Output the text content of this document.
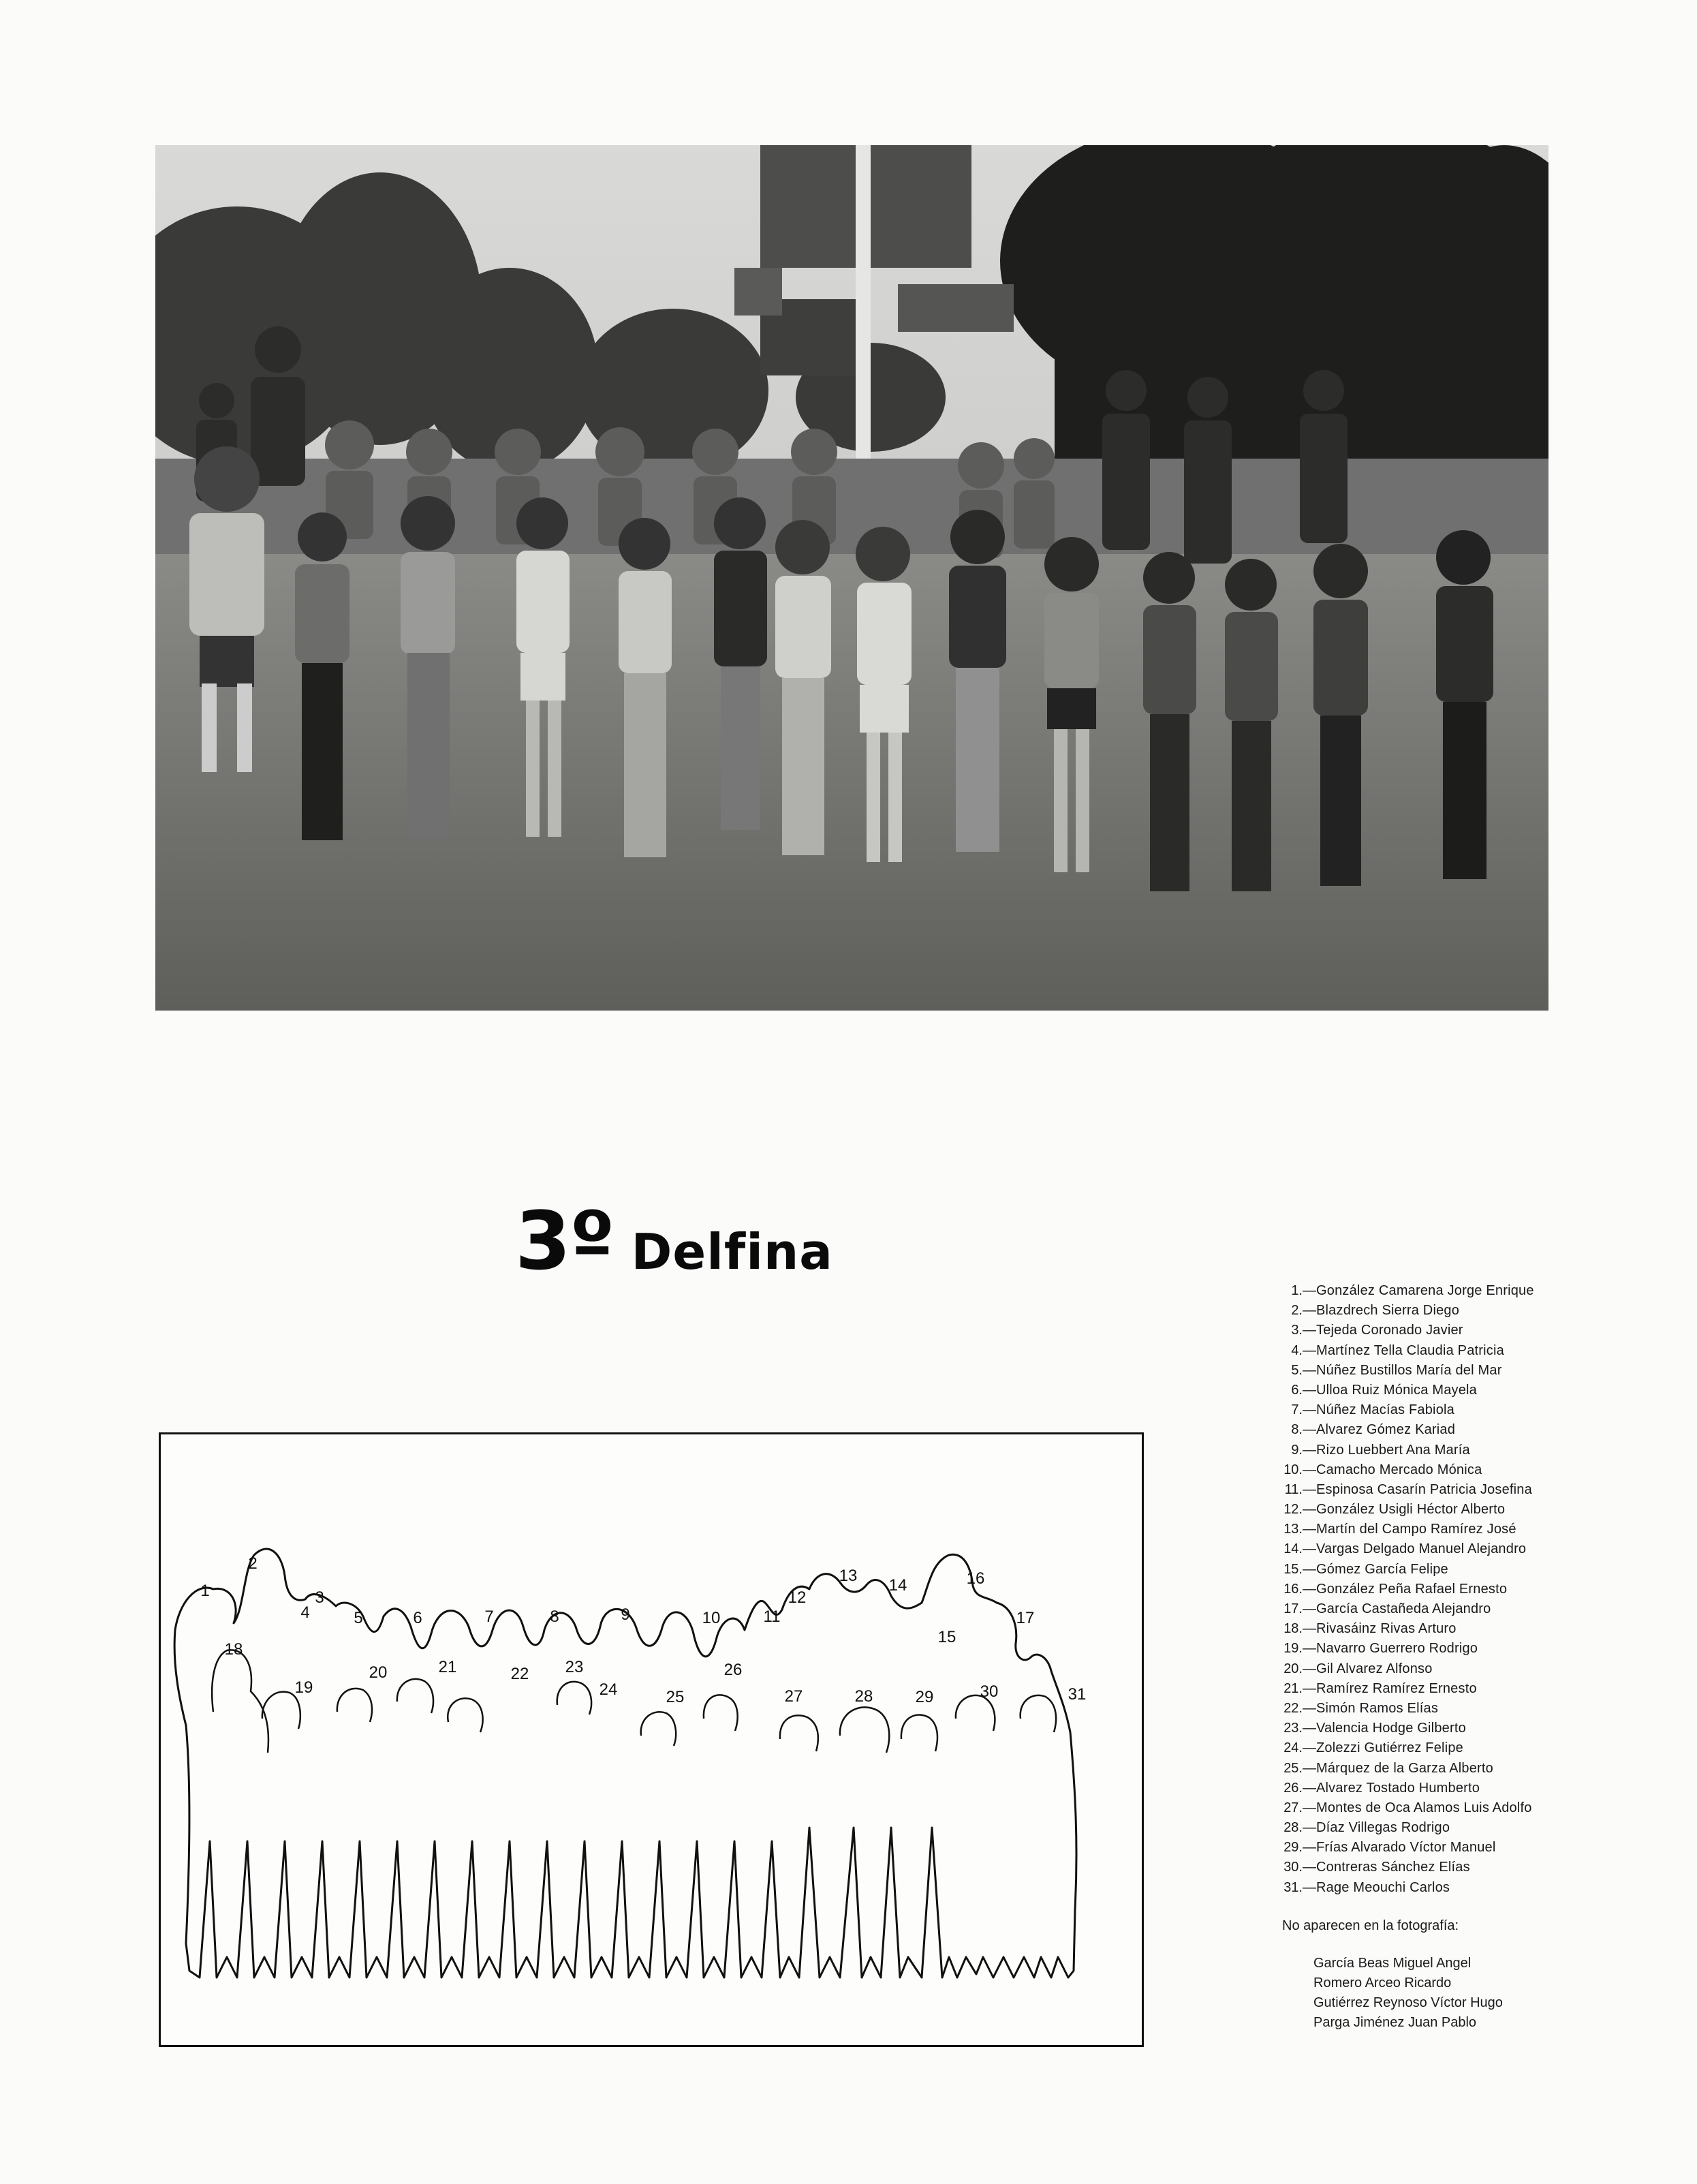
3º Delfina
1
2
3
4	5	6	7	8	9	10	11
12
13
14
15
16
17
18
19
20	21	22 23
24	25
26
27	28	29	30	31
1. — González Camarena Jorge Enrique
2. — Blazdrech Sierra Diego
3. — Tejeda Coronado Javier
4. — Martínez Tella Claudia Patricia
5. — Núñez Bustillos María del Mar
6. — Ulloa Ruiz Mónica Mayela
7. — Núñez Macías Fabiola
8. — Alvarez Gómez Kariad
9. — Rizo Luebbert Ana María
10. — Camacho Mercado Mónica
11. — Espinosa Casarín Patricia Josefina
12. — González Usigli Héctor Alberto
13. — Martín del Campo Ramírez José
14. — Vargas Delgado Manuel Alejandro
15. — Gómez García Felipe
16. — González Peña Rafael Ernesto
17. — García Castañeda Alejandro
18. — Rivasáinz Rivas Arturo
19. — Navarro Guerrero Rodrigo
20. — Gil Alvarez Alfonso
21. — Ramírez Ramírez Ernesto
22. — Simón Ramos Elías
23. — Valencia Hodge Gilberto
24. — Zolezzi Gutiérrez Felipe
25. — Márquez de la Garza Alberto
26. — Alvarez Tostado Humberto
27. — Montes de Oca Alamos Luis Adolfo
28. — Díaz Villegas Rodrigo
29. — Frías Alvarado Víctor Manuel
30. — Contreras Sánchez Elías
31. — Rage Meouchi Carlos
No aparecen en la fotografía:
García Beas Miguel Angel
Romero Arceo Ricardo
Gutiérrez Reynoso Víctor Hugo
Parga Jiménez Juan Pablo
